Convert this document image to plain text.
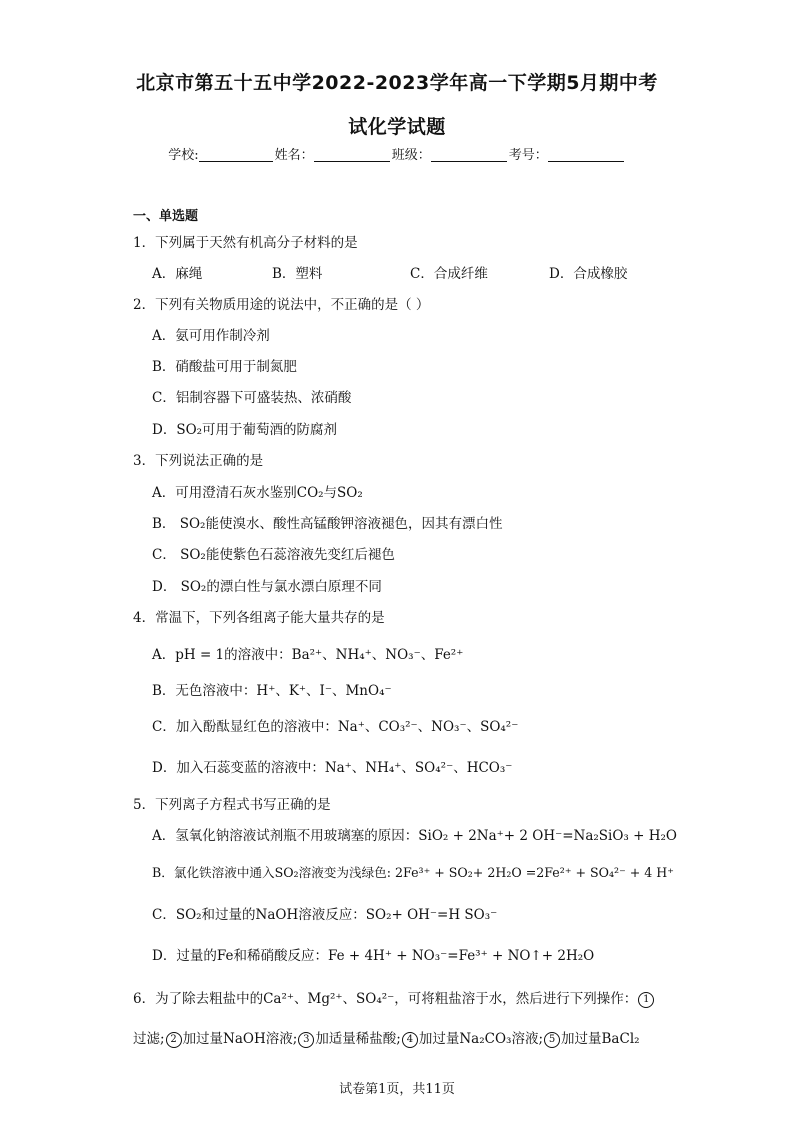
北京市第五十五中学2022-2023学年高一下学期5月期中考
试化学试题
学校:	姓名：	班级：	考号：
一、单选题
1．下列属于天然有机高分子材料的是
A．麻绳	B．塑料	C．合成纤维	D．合成橡胶
2．下列有关物质用途的说法中，不正确的是（ ）
A．氨可用作制冷剂
B．硝酸盐可用于制氮肥
C．铝制容器下可盛装热、浓硝酸
D．SO₂可用于葡萄酒的防腐剂
3．下列说法正确的是
A．可用澄清石灰水鉴别CO₂与SO₂
B． SO₂能使溴水、酸性高锰酸钾溶液褪色，因其有漂白性
C． SO₂能使紫色石蕊溶液先变红后褪色
D． SO₂的漂白性与氯水漂白原理不同
4．常温下，下列各组离子能大量共存的是
A．pH = 1的溶液中：Ba²⁺、NH₄⁺、NO₃⁻、Fe²⁺
B．无色溶液中：H⁺、K⁺、I⁻、MnO₄⁻
C．加入酚酞显红色的溶液中：Na⁺、CO₃²⁻、NO₃⁻、SO₄²⁻
D．加入石蕊变蓝的溶液中：Na⁺、NH₄⁺、SO₄²⁻、HCO₃⁻
5．下列离子方程式书写正确的是
A．氢氧化钠溶液试剂瓶不用玻璃塞的原因：SiO₂ + 2Na⁺+ 2 OH⁻=Na₂SiO₃ + H₂O
B．氯化铁溶液中通入SO₂溶液变为浅绿色: 2Fe³⁺ + SO₂+ 2H₂O =2Fe²⁺ + SO₄²⁻ + 4 H⁺
C．SO₂和过量的NaOH溶液反应：SO₂+ OH⁻=H SO₃⁻
D．过量的Fe和稀硝酸反应：Fe + 4H⁺ + NO₃⁻=Fe³⁺ + NO↑+ 2H₂O
6．为了除去粗盐中的Ca²⁺、Mg²⁺、SO₄²⁻，可将粗盐溶于水，然后进行下列操作： 1
过滤; 2 加过量NaOH溶液; 3 加适量稀盐酸; 4 加过量Na₂CO₃溶液; 5 加过量BaCl₂
试卷第1页，共11页
